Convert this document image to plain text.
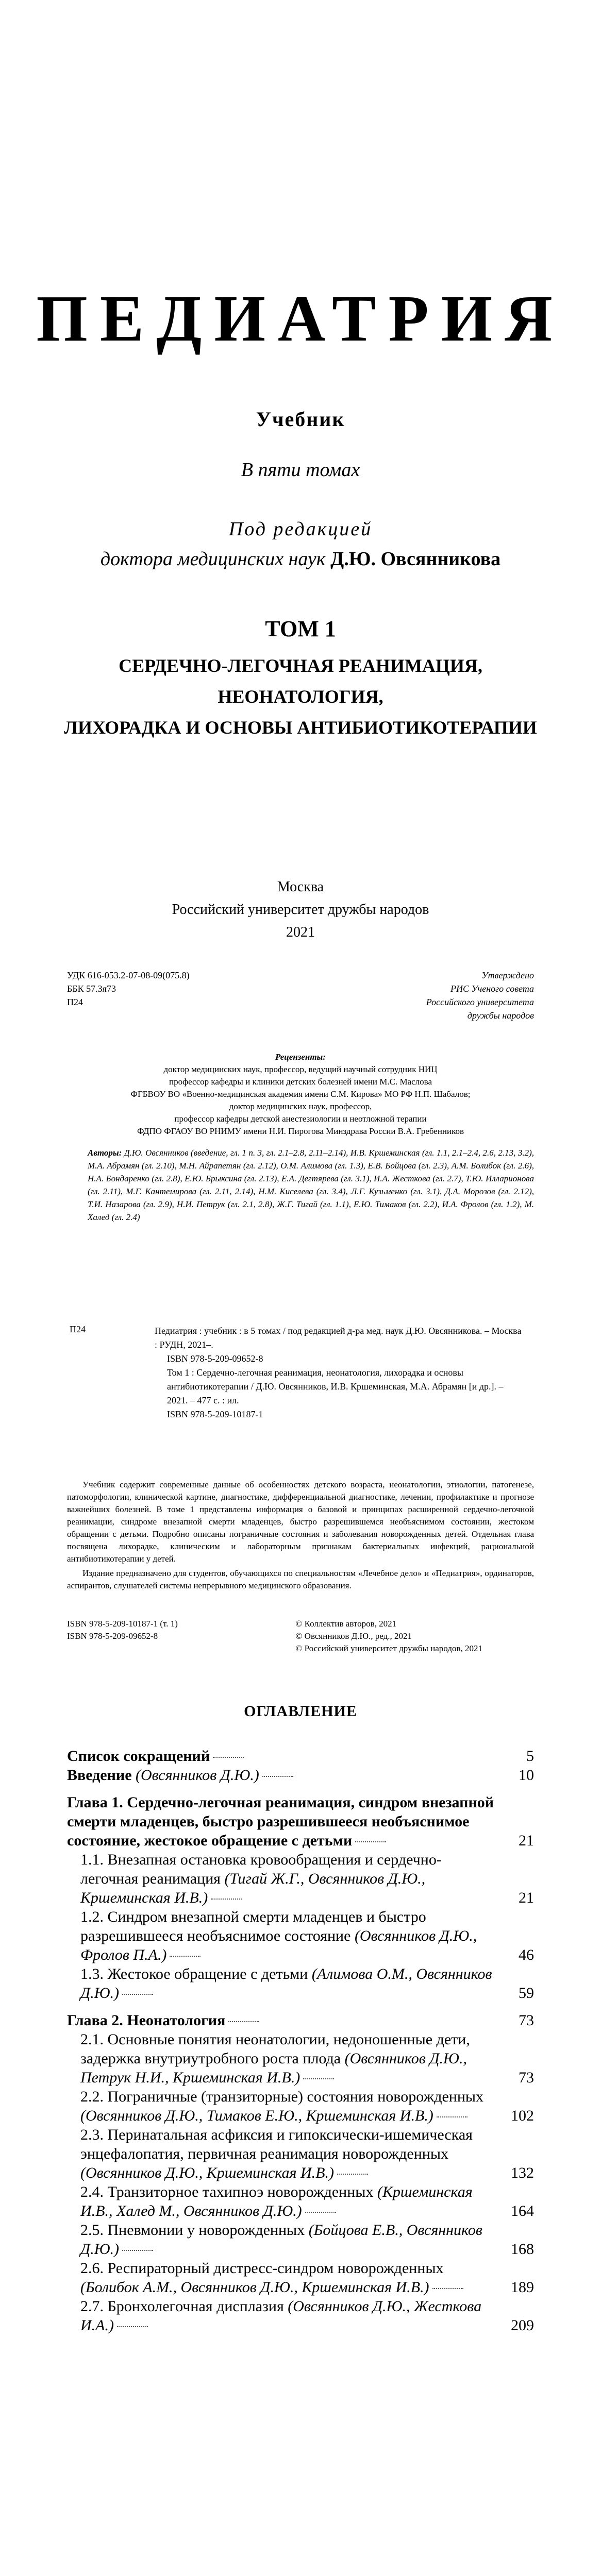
ПЕДИАТРИЯ
Учебник
В пяти томах
Под редакцией
доктора медицинских наук Д.Ю. Овсянникова
ТОМ 1
СЕРДЕЧНО-ЛЕГОЧНАЯ РЕАНИМАЦИЯ,
НЕОНАТОЛОГИЯ,
ЛИХОРАДКА И ОСНОВЫ АНТИБИОТИКОТЕРАПИИ
Москва
Российский университет дружбы народов
2021
УДК 616-053.2-07-08-09(075.8)
ББК 57.3я73
П24
Утверждено
РИС Ученого совета
Российского университета
дружбы народов
Рецензенты:
доктор медицинских наук, профессор, ведущий научный сотрудник НИЦ
профессор кафедры и клиники детских болезней имени М.С. Маслова
ФГБВОУ ВО «Военно-медицинская академия имени С.М. Кирова» МО РФ Н.П. Шабалов;
доктор медицинских наук, профессор,
профессор кафедры детской анестезиологии и неотложной терапии
ФДПО ФГАОУ ВО РНИМУ имени Н.И. Пирогова Минздрава России В.А. Гребенников
Авторы: Д.Ю. Овсянников (введение, гл. 1 п. 3, гл. 2.1–2.8, 2.11–2.14), И.В. Кршеминская (гл. 1.1, 2.1–2.4, 2.6, 2.13, 3.2), М.А. Абрамян (гл. 2.10), М.Н. Айрапетян (гл. 2.12), О.М. Алимова (гл. 1.3), Е.В. Бойцова (гл. 2.3), А.М. Болибок (гл. 2.6), Н.А. Бондаренко (гл. 2.8), Е.Ю. Брыксина (гл. 2.13), Е.А. Дегтярева (гл. 3.1), И.А. Жесткова (гл. 2.7), Т.Ю. Илларионова (гл. 2.11), М.Г. Кантемирова (гл. 2.11, 2.14), Н.М. Киселева (гл. 3.4), Л.Г. Кузьменко (гл. 3.1), Д.А. Морозов (гл. 2.12), Т.И. Назарова (гл. 2.9), Н.И. Петрук (гл. 2.1, 2.8), Ж.Г. Тигай (гл. 1.1), Е.Ю. Тимаков (гл. 2.2), И.А. Фролов (гл. 1.2), М. Халед (гл. 2.4)
П24	Педиатрия : учебник : в 5 томах / под редакцией д-ра мед. наук Д.Ю. Овсянникова. – Москва : РУДН, 2021–.
ISBN 978-5-209-09652-8
Том 1 : Сердечно-легочная реанимация, неонатология, лихорадка и основы антибиотикотерапии / Д.Ю. Овсянников, И.В. Кршеминская, М.А. Абрамян [и др.]. – 2021. – 477 с. : ил.
ISBN 978-5-209-10187-1

Учебник содержит современные данные об особенностях детского возраста, неонатологии, этиологии, патогенезе, патоморфологии, клинической картине, диагностике, дифференциальной диагностике, лечении, профилактике и прогнозе важнейших болезней. В томе 1 представлены информация о базовой и принципах расширенной сердечно-легочной реанимации, синдроме внезапной смерти младенцев, быстро разрешившемся необъяснимом состоянии, жестоком обращении с детьми. Подробно описаны пограничные состояния и заболевания новорожденных детей. Отдельная глава посвящена лихорадке, клиническим и лабораторным признакам бактериальных инфекций, рациональной антибиотикотерапии у детей.

Издание предназначено для студентов, обучающихся по специальностям «Лечебное дело» и «Педиатрия», ординаторов, аспирантов, слушателей системы непрерывного медицинского образования.

ISBN 978-5-209-10187-1 (т. 1)
ISBN 978-5-209-09652-8
© Коллектив авторов, 2021
© Овсянников Д.Ю., ред., 2021
© Российский университет дружбы народов, 2021
ОГЛАВЛЕНИЕ
Список сокращений	5
Введение (Овсянников Д.Ю.)	10
Глава 1. Сердечно-легочная реанимация, синдром внезапной смерти младенцев, быстро разрешившееся необъяснимое состояние, жестокое обращение с детьми	21
1.1. Внезапная остановка кровообращения и сердечно-легочная реанимация (Тигай Ж.Г., Овсянников Д.Ю., Кршеминская И.В.)	21
1.2. Синдром внезапной смерти младенцев и быстро разрешившееся необъяснимое состояние (Овсянников Д.Ю., Фролов П.А.)	46
1.3. Жестокое обращение с детьми (Алимова О.М., Овсянников Д.Ю.)	59
Глава 2. Неонатология	73
2.1. Основные понятия неонатологии, недоношенные дети, задержка внутриутробного роста плода (Овсянников Д.Ю., Петрук Н.И., Кршеминская И.В.)	73
2.2. Пограничные (транзиторные) состояния новорожденных (Овсянников Д.Ю., Тимаков Е.Ю., Кршеминская И.В.)	102
2.3. Перинатальная асфиксия и гипоксически-ишемическая энцефалопатия, первичная реанимация новорожденных (Овсянников Д.Ю., Кршеминская И.В.)	132
2.4. Транзиторное тахипноэ новорожденных (Кршеминская И.В., Халед М., Овсянников Д.Ю.)	164
2.5. Пневмонии у новорожденных (Бойцова Е.В., Овсянников Д.Ю.)	168
2.6. Респираторный дистресс-синдром новорожденных (Болибок А.М., Овсянников Д.Ю., Кршеминская И.В.)	189
2.7. Бронхолегочная дисплазия (Овсянников Д.Ю., Жесткова И.А.)	209
